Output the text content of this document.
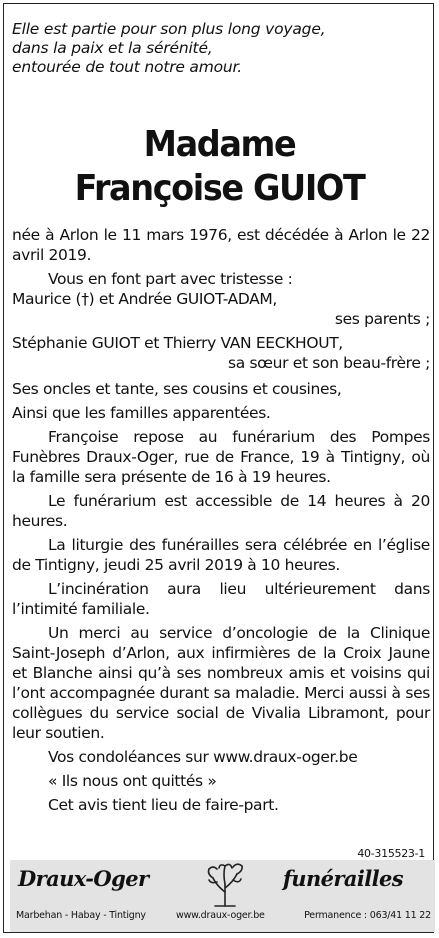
Elle est partie pour son plus long voyage,
dans la paix et la sérénité,
entourée de tout notre amour.
Madame
Françoise GUIOT
née à Arlon le 11 mars 1976, est décédée à Arlon le 22 avril 2019.
Vous en font part avec tristesse :
Maurice (†) et Andrée GUIOT-ADAM,
ses parents ;
Stéphanie GUIOT et Thierry VAN EECKHOUT,
sa sœur et son beau-frère ;
Ses oncles et tante, ses cousins et cousines,
Ainsi que les familles apparentées.
Françoise repose au funérarium des Pompes Funèbres Draux-Oger, rue de France, 19 à Tintigny, où la famille sera présente de 16 à 19 heures.
Le funérarium est accessible de 14 heures à 20 heures.
La liturgie des funérailles sera célébrée en l’église de Tintigny, jeudi 25 avril 2019 à 10 heures.
L’incinération aura lieu ultérieurement dans l’intimité familiale.
Un merci au service d’oncologie de la Clinique Saint-Joseph d’Arlon, aux infirmières de la Croix Jaune et Blanche ainsi qu’à ses nombreux amis et voisins qui l’ont accompagnée durant sa maladie. Merci aussi à ses collègues du service social de Vivalia Libramont, pour leur soutien.
Vos condoléances sur www.draux-oger.be
« Ils nous ont quittés »
Cet avis tient lieu de faire-part.
40-315523-1
Draux-Oger	funérailles
Marbehan - Habay - Tintigny	www.draux-oger.be	Permanence : 063/41 11 22
